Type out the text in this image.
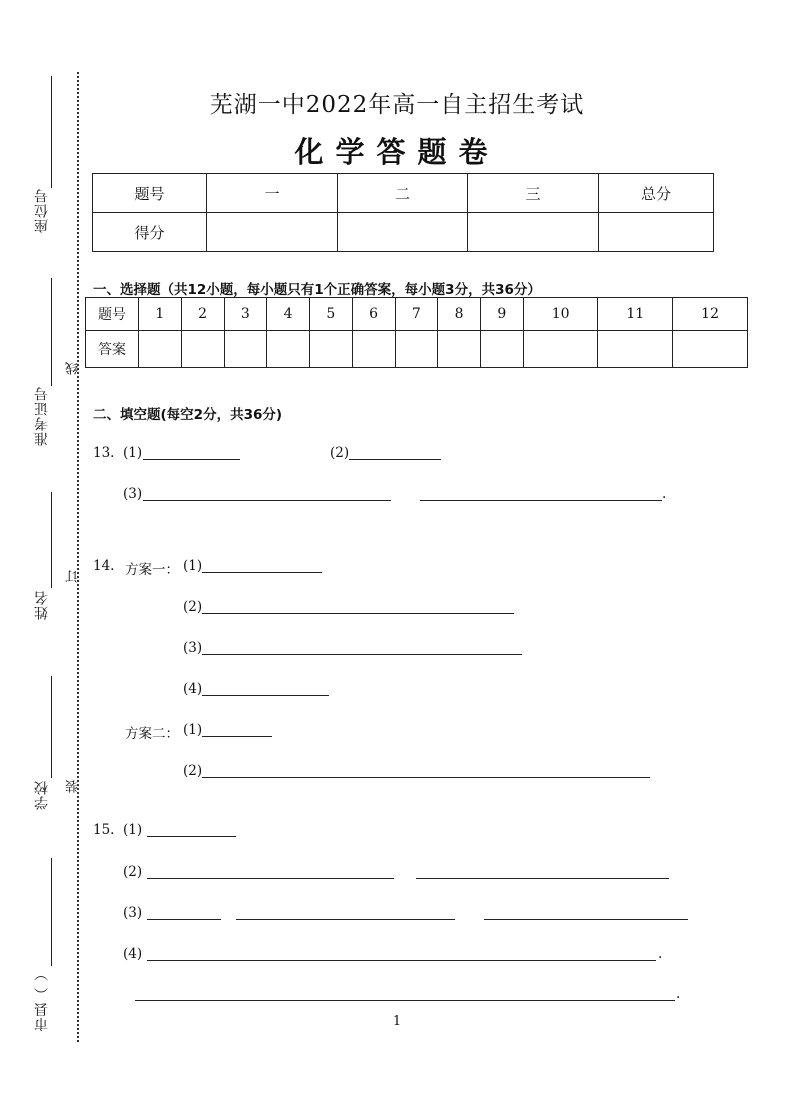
座位号
准考证号
姓名
学校
市县（ ）
线
订
装
芜湖一中2022年高一自主招生考试
化学答题卷
题号	一	二	三	总分
得分				
一、选择题（共12小题，每小题只有1个正确答案，每小题3分，共36分）
题号	1	2	3	4	5	6	7	8	9	10	11	12
答案												
二、填空题(每空2分，共36分)
13. (1)	(2)
(3)	.
14. 方案一： (1)
(2)
(3)
(4)
方案二： (1)
(2)
15. (1)
(2)
(3)
(4)	.
.
1
